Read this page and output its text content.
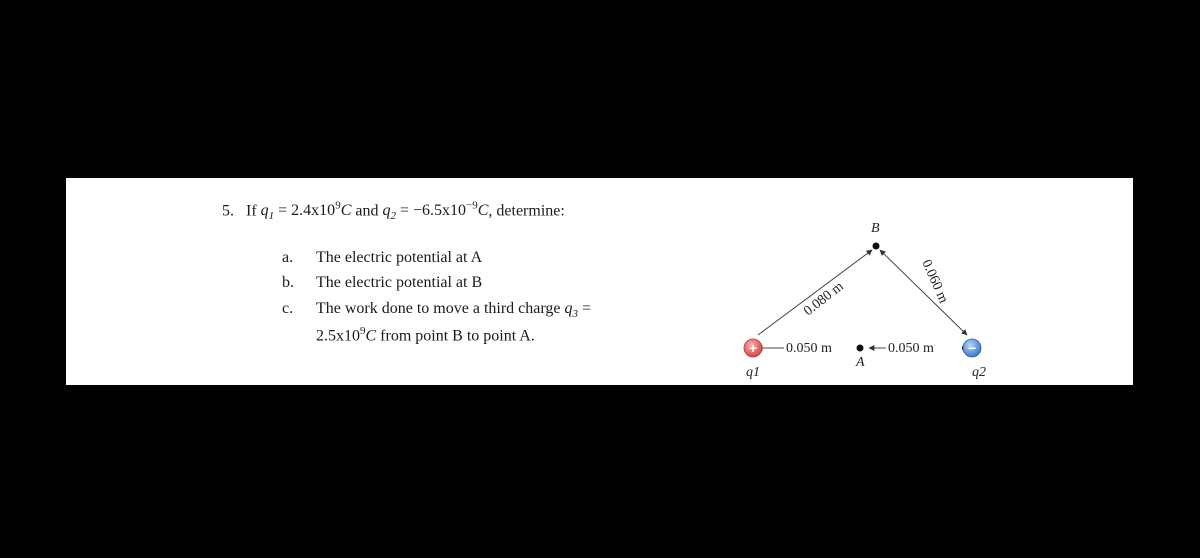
5. If $q_1 = 2.4x10^9C$ and $q_2 = -6.5x10^{-9}C$, determine:
a. The electric potential at A
b. The electric potential at B
c. The work done to move a third charge $q_3$ =
$2.5x10^9C$ from point B to point A.
B
A
0.080 m	0.060 m
0.050 m	0.050 m
+	−
q1	q2
